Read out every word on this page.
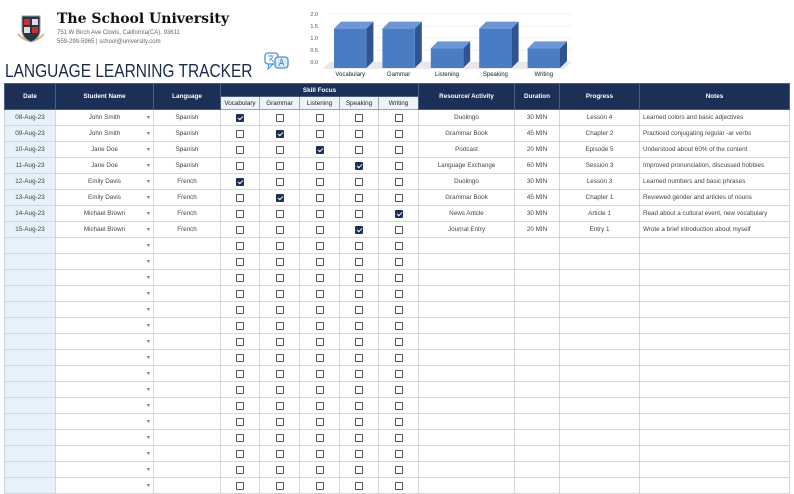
The School University
751 W Birch Ave Clovis, California(CA), 93611
559-299-5965 | school@university.com
LANGUAGE LEARNING TRACKER	0.0
0.5
1.0
1.5
2.0
Vocabulary	Gammar	Listening	Speaking	Writing
Date	Student Name	Language	Skill Focus					Resource/ Activity	Duration	Progress	Notes
			Vocabulary	Grammar	Listening	Speaking	Writing				
08-Aug-23	John Smith ▾	Spanish						Duolingo	30 MIN	Lesson 4	Learned colors and basic adjectives
09-Aug-23	John Smith ▾	Spanish						Grammar Book	45 MIN	Chapter 2	Practiced conjugating regular -ar verbs
10-Aug-23	Jane Doe ▾	Spanish						Podcast	20 MIN	Episode 5	Understood about 60% of the content
11-Aug-23	Jane Doe ▾	Spanish						Language Exchange	60 MIN	Session 3	Improved pronunciation, discussed hobbies
12-Aug-23	Emily Davis ▾	French						Duolingo	30 MIN	Lesson 3	Learned numbers and basic phrases
13-Aug-23	Emily Davis ▾	French						Grammar Book	45 MIN	Chapter 1	Reviewed gender and articles of nouns
14-Aug-23	Michael Brown ▾	French						News Article	30 MIN	Article 1	Read about a cultural event, new vocabulary
15-Aug-23	Michael Brown ▾	French						Journal Entry	20 MIN	Entry 1	Wrote a brief introduction about myself

	▾										

	▾										

	▾										

	▾										

	▾										

	▾										

	▾										

	▾										

	▾										

	▾										

	▾										

	▾										

	▾										

	▾										

	▾										

	▾										
